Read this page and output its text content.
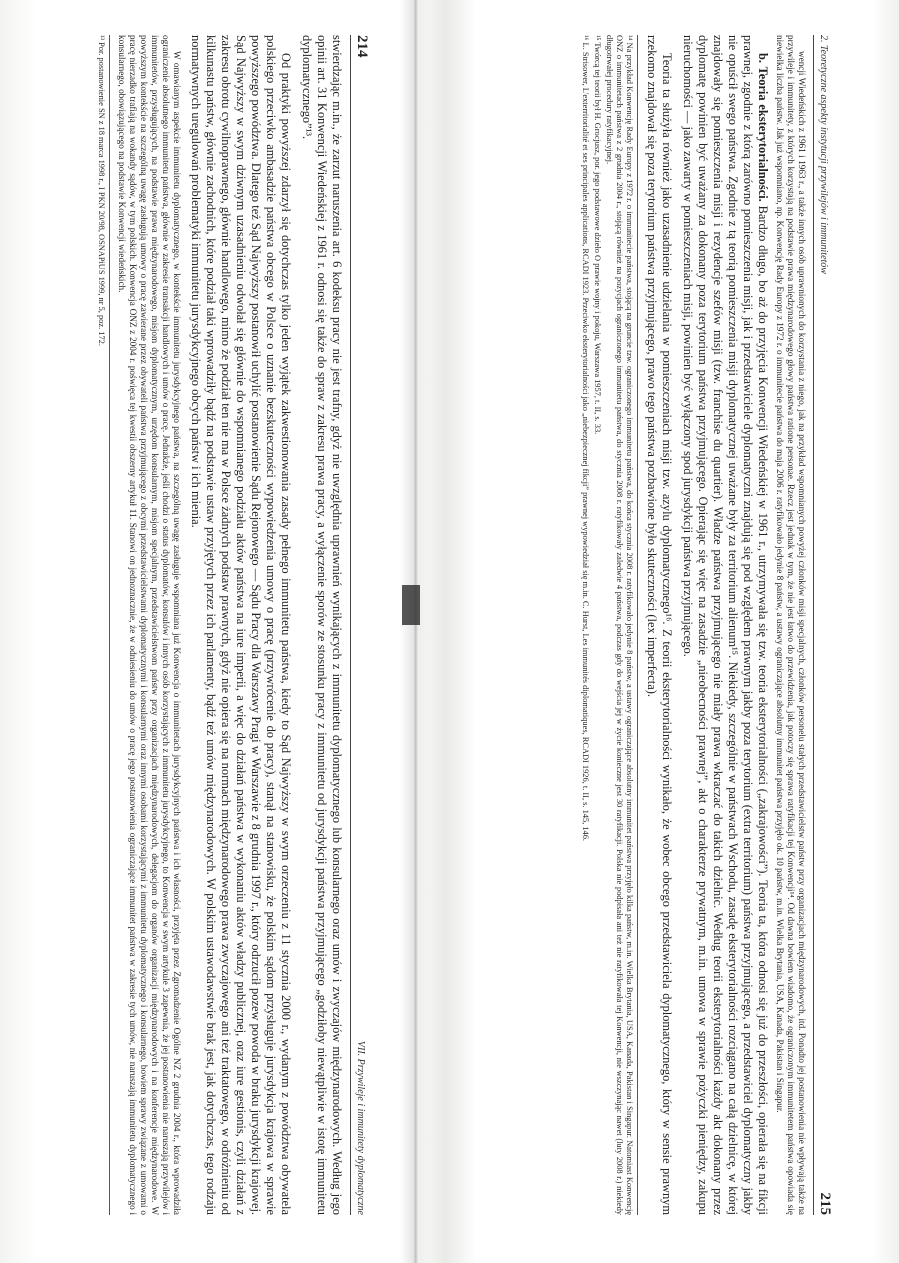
214
VII. Przywileje i immunitety dyplomatyczne

stwierdzając m.in., że zarzut naruszenia art. 6 kodeksu pracy nie jest trafny, gdyż nie uwzględnia uprawnień wynikających z immunitetu dyplomatycznego lub konsularnego oraz umów i zwyczajów międzynarodowych. Według jego opinii art. 31 Konwencji Wiedeńskiej z 1961 r. odnosi się także do spraw z zakresu prawa pracy, a wyłączenie sporów ze stosunku pracy z immunitetu od jurysdykcji państwa przyjmującego „godziłoby niewątpliwie w istotę immunitetu dyplomatycznego”¹³.

Od praktyki powyższej zdarzył się dotychczas tylko jeden wyjątek zakwestionowania zasady pełnego immunitetu państwa, kiedy to Sąd Najwyższy w swym orzeczeniu z 11 stycznia 2000 r., wydanym z powództwa obywatela polskiego przeciwko ambasadzie państwa obcego w Polsce o uznanie bezskuteczności wypowiedzenia umowy o pracę (przywrócenie do pracy), stanął na stanowisku, że polskim sądom przysługuje jurysdykcja krajowa w sprawie powyższego powództwa. Dlatego też Sąd Najwyższy postanowił uchylić postanowienie Sądu Rejonowego — Sądu Pracy dla Warszawy Pragi w Warszawie z 8 grudnia 1997 r., który odrzucił pozew powoda w braku jurysdykcji krajowej. Sąd Najwyższy w swym dziwnym uzasadnieniu odwołał się głównie do wspomnianego podziału aktów państwa na iure imperii, a więc do działań państwa w wykonaniu aktów władzy publicznej, oraz iure gestionis, czyli działań z zakresu obrotu cywilnoprawnego, głównie handlowego, mimo że podział ten nie ma w Polsce żadnych podstaw prawnych, gdyż nie opiera się na normach międzynarodowego prawa zwyczajowego ani też traktatowego, w odróżnieniu od kilkunastu państw, głównie zachodnich, które podział taki wprowadziły bądź na podstawie ustaw przyjętych przez ich parlamenty, bądź też umów międzynarodowych. W polskim ustawodawstwie brak jest, jak dotychczas, tego rodzaju normatywnych uregulowań problematyki immunitetu jurysdykcyjnego obcych państw i ich mienia.

W omawianym aspekcie immunitetu dyplomatycznego, w kontekście immunitetu jurysdykcyjnego państwa, na szczególną uwagę zasługuje wspomniana już Konwencja o immunitetach jurysdykcyjnych państwa i ich własności, przyjęta przez Zgromadzenie Ogólne NZ 2 grudnia 2004 r., która wprowadziła ograniczenie absolutnego immunitetu państwa, głównie w zakresie transakcji handlowych i umów o pracę. Jednakże, jeśli chodzi o status dyplomatów, konsulów i innych osób korzystających z immunitetu jurysdykcyjnego, to Konwencja w swym artykule 3 zapewnia, że jej postanowienia nie naruszają przywilejów i immunitetów, przysługujących, na podstawie prawa międzynarodowego, misjom dyplomatycznym, urzędom konsularnym, misjom specjalnym, przedstawicielstwom państw przy organizacjach międzynarodowych, delegacjom do organów organizacji międzynarodowych i na konferencje międzynarodowe. W powyższym kontekście na szczególną uwagę zasługują umowy o pracę zawierane przez obywateli państwa przyjmującego z obcymi przedstawicielstwami dyplomatycznymi i konsularnymi oraz innymi osobami korzystającymi z immunitetu dyplomatycznego i konsularnego, bowiem sprawy związane z umowami o pracę nierzadko trafiają na wokandy sądów, w tym polskich. Konwencja ONZ z 2004 r. poświęca tej kwestii obszerny artykuł 11. Stanowi on jednoznacznie, że w odniesieniu do umów o pracę jego postanowienia ograniczające immunitet państwa w zakresie tych umów, nie naruszają immunitetu dyplomatycznego i konsularnego, obowiązującego na podstawie Konwencji wiedeńskich.

¹³ Por. postanowienie SN z 18 marca 1998 r., I PKN 20/98, OSNAPiUS 1999, nr 5, poz. 172.	2. Teoretyczne aspekty instytucji przywilejów i immunitetów
215

wencji Wiedeńskich z 1961 i 1963 r., a także innych osób uprawnionych do korzystania z niego, jak na przykład wspomnianych powyżej członków misji specjalnych, członków personelu stałych przedstawicielstw państw przy organizacjach międzynarodowych, itd. Ponadto jej postanowienia nie wpływają także na przywileje i immunitety, z których korzystają na podstawie prawa międzynarodowego głowy państwa ratione personae. Rzecz jest jednak w tym, że nie jest łatwo do przewidzenia, jak potoczy się sprawa ratyfikacji tej Konwencji¹⁴. Od dawna bowiem wiadomo, że ograniczonym immunitetem państwa opowiada się niewielka liczba państw. Jak już wspomniano, np. Konwencję Rady Europy z 1972 r. o immunitecie państwa do maja 2006 r. ratyfikowało jedynie 8 państw, a ustawy ograniczające absolutny immunitet państwa przyjęło ok. 10 państw, m.in. Wielka Brytania, USA, Kanada, Pakistan i Singapur.

b. Teoria eksterytorialności. Bardzo długo, bo aż do przyjęcia Konwencji Wiedeńskiej w 1961 r., utrzymywała się tzw. teoria eksterytorialności („zakrajowości”). Teoria ta, która odnosi się już do przeszłości, opierała się na fikcji prawnej, zgodnie z którą zarówno pomieszczenia misji, jak i przedstawiciele dyplomatyczni znajdują się pod względem prawnym jakby poza terytorium (extra territorium) państwa przyjmującego, a przedstawiciel dyplomatyczny jakby nie opuścił swego państwa. Zgodnie z tą teorią pomieszczenia misji dyplomatycznej uważane były za territorium alienum¹⁵. Niekiedy, szczególnie w państwach Wschodu, zasadę eksterytorialności rozciągano na całą dzielnicę, w której znajdowały się pomieszczenia misji i rezydencje szefów misji (tzw. franchise du quartier). Władze państwa przyjmującego nie miały prawa wkraczać do takich dzielnic. Według teorii eksterytorialności każdy akt dokonany przez dyplomatę powinien być uważany za dokonany poza terytorium państwa przyjmującego. Opierając się więc na zasadzie „nieobecności prawnej”, akt o charakterze prywatnym, m.in. umowa w sprawie pożyczki pieniędzy, zakupu nieruchomości — jako zawarty w pomieszczeniach misji, powinien być wyłączony spod jurysdykcji państwa przyjmującego.

Teoria ta służyła również jako uzasadnienie udzielania w pomieszczeniach misji tzw. azylu dyplomatycznego¹⁶. Z teorii eksterytorialności wynikało, że wobec obcego przedstawiciela dyplomatycznego, który w sensie prawnym rzekomo znajdował się poza terytorium państwa przyjmującego, prawo tego państwa pozbawione było skuteczności (lex imperfecta).

¹⁴ Na przykład Konwencję Rady Europy z 1972 r. o immunitecie państwa, stojącą na gruncie tzw. ograniczonego immunitetu państwa, do końca stycznia 2008 r. ratyfikowało jedynie 8 państw, a ustawy ograniczające absolutny immunitet państwa przyjęło kilka państw, m.in. Wielka Brytania, USA, Kanada, Pakistan i Singapur. Natomiast Konwencję ONZ o immunitetach państwa z 2 grudnia 2004 r., stojącą również na pozycjach ograniczonego immunitetu państwa, do stycznia 2008 r. ratyfikowały zaledwie 4 państwa, podczas gdy do wejścia jej w życie konieczne jest 30 ratyfikacji. Polska nie podpisała ani też nie ratyfikowała tej Konwencji, nie wszczynając nawet (luty 2008 r.) niekiedy długotrwałej procedury ratyfikacyjnej.

¹⁵ Twórcą tej teorii był H. Grocjusz, por. jego podstawowe dzieło O prawie wojny i pokoju, Warszawa 1957, t. II, s. 33.

¹⁶ L. Strisower, L'exterritorialité et ses principales applications, RCADI 1923. Przeciwko eksterytorialności jako „niebezpiecznej fikcji” prawnej wypowiedział się m.in. C. Hurst, Les immunités diplomatiques, RCADI 1926, t. II, s. 145, 146.
